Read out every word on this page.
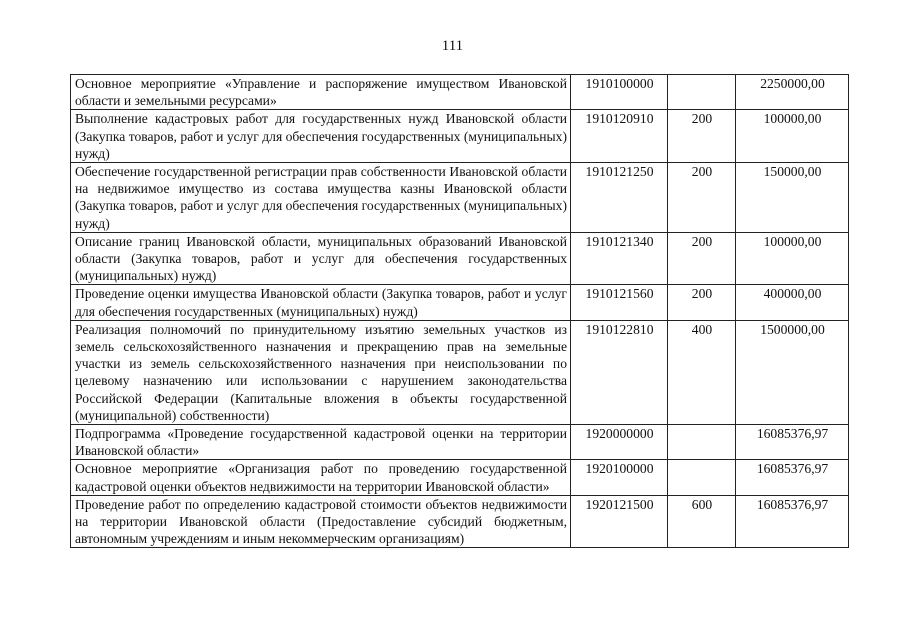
111
Основное мероприятие «Управление и распоряжение имуществом Ивановской области и земельными ресурсами»	1910100000		2250000,00
Выполнение кадастровых работ для государственных нужд Ивановской области (Закупка товаров, работ и услуг для обеспечения государственных (муниципальных) нужд)	1910120910	200	100000,00
Обеспечение государственной регистрации прав собственности Ивановской области на недвижимое имущество из состава имущества казны Ивановской области (Закупка товаров, работ и услуг для обеспечения государственных (муниципальных) нужд)	1910121250	200	150000,00
Описание границ Ивановской области, муниципальных образований Ивановской области (Закупка товаров, работ и услуг для обеспечения государственных (муниципальных) нужд)	1910121340	200	100000,00
Проведение оценки имущества Ивановской области (Закупка товаров, работ и услуг для обеспечения государственных (муниципальных) нужд)	1910121560	200	400000,00
Реализация полномочий по принудительному изъятию земельных участков из земель сельскохозяйственного назначения и прекращению прав на земельные участки из земель сельскохозяйственного назначения при неиспользовании по целевому назначению или использовании с нарушением законодательства Российской Федерации (Капитальные вложения в объекты государственной (муниципальной) собственности)	1910122810	400	1500000,00
Подпрограмма «Проведение государственной кадастровой оценки на территории Ивановской области»	1920000000		16085376,97
Основное мероприятие «Организация работ по проведению государственной кадастровой оценки объектов недвижимости на территории Ивановской области»	1920100000		16085376,97
Проведение работ по определению кадастровой стоимости объектов недвижимости на территории Ивановской области (Предоставление субсидий бюджетным, автономным учреждениям и иным некоммерческим организациям)	1920121500	600	16085376,97
